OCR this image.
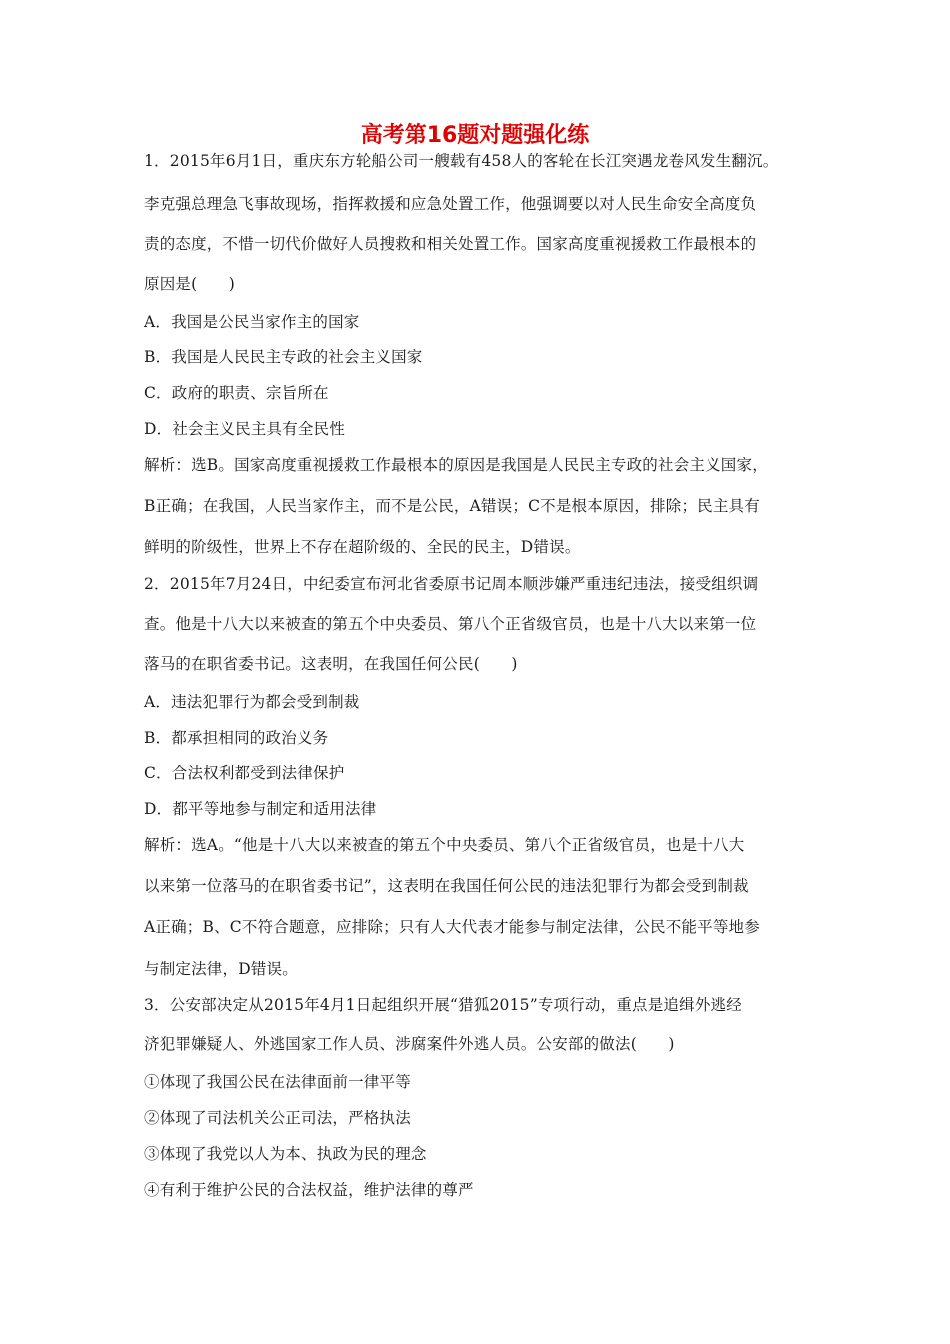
高考第16题对题强化练
1．2015年6月1日，重庆东方轮船公司一艘载有458人的客轮在长江突遇龙卷风发生翻沉。
李克强总理急飞事故现场，指挥救援和应急处置工作，他强调要以对人民生命安全高度负
责的态度，不惜一切代价做好人员搜救和相关处置工作。国家高度重视援救工作最根本的
原因是(　　)
A．我国是公民当家作主的国家
B．我国是人民民主专政的社会主义国家
C．政府的职责、宗旨所在
D．社会主义民主具有全民性
解析：选B。国家高度重视援救工作最根本的原因是我国是人民民主专政的社会主义国家，
B正确；在我国，人民当家作主，而不是公民，A错误；C不是根本原因，排除；民主具有
鲜明的阶级性，世界上不存在超阶级的、全民的民主，D错误。
2．2015年7月24日，中纪委宣布河北省委原书记周本顺涉嫌严重违纪违法，接受组织调
查。他是十八大以来被查的第五个中央委员、第八个正省级官员，也是十八大以来第一位
落马的在职省委书记。这表明，在我国任何公民(　　)
A．违法犯罪行为都会受到制裁
B．都承担相同的政治义务
C．合法权利都受到法律保护
D．都平等地参与制定和适用法律
解析：选A。“他是十八大以来被查的第五个中央委员、第八个正省级官员，也是十八大
以来第一位落马的在职省委书记”，这表明在我国任何公民的违法犯罪行为都会受到制裁
A正确；B、C不符合题意，应排除；只有人大代表才能参与制定法律，公民不能平等地参
与制定法律，D错误。
3．公安部决定从2015年4月1日起组织开展“猎狐2015”专项行动，重点是追缉外逃经
济犯罪嫌疑人、外逃国家工作人员、涉腐案件外逃人员。公安部的做法(　　)
①体现了我国公民在法律面前一律平等
②体现了司法机关公正司法，严格执法
③体现了我党以人为本、执政为民的理念
④有利于维护公民的合法权益，维护法律的尊严
